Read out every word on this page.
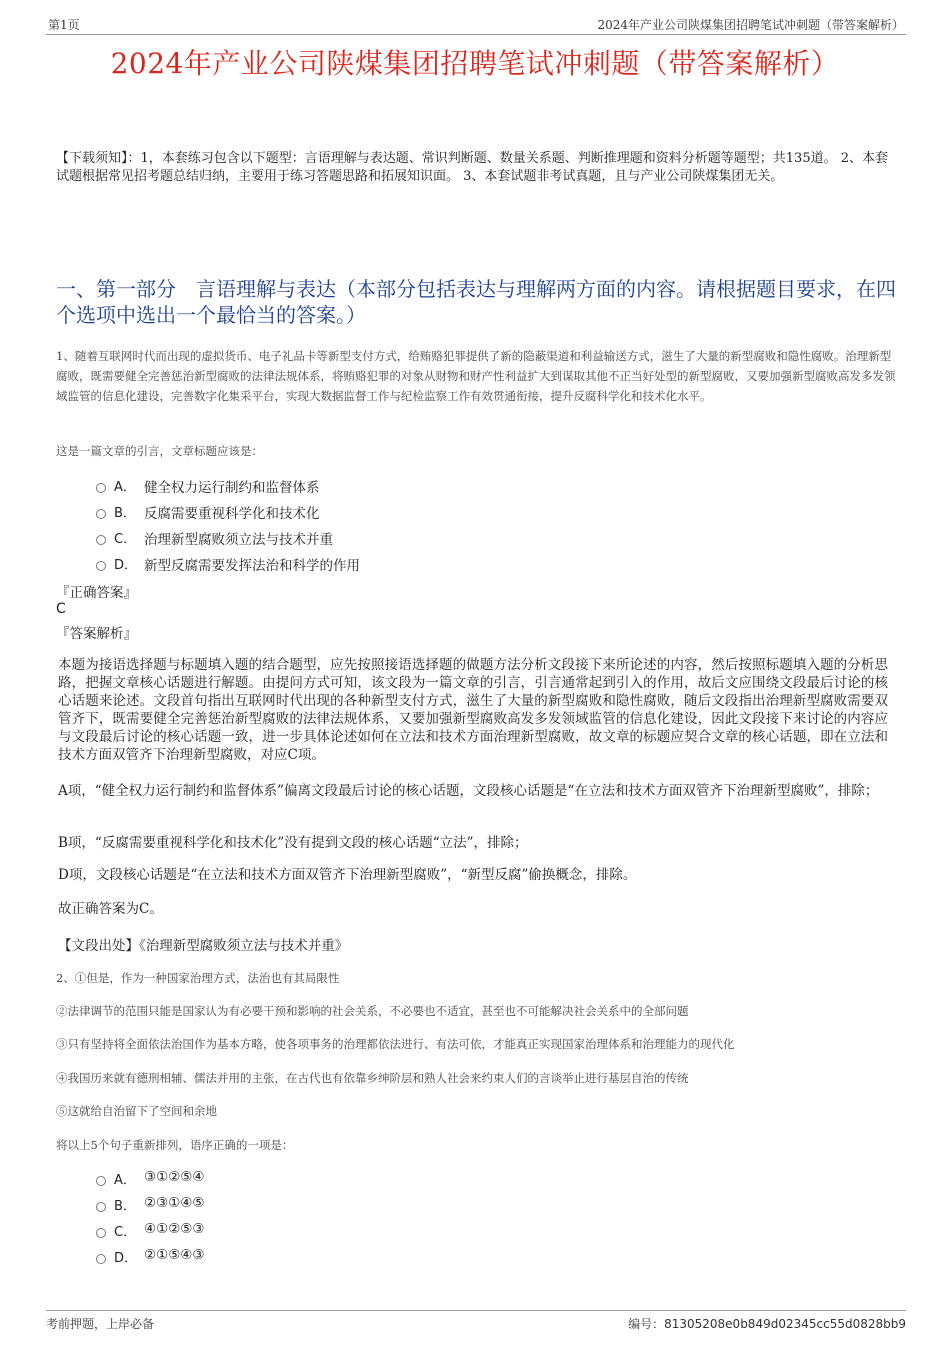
第1页	2024年产业公司陕煤集团招聘笔试冲刺题（带答案解析）
2024年产业公司陕煤集团招聘笔试冲刺题（带答案解析）
【下载须知】：1，本套练习包含以下题型：言语理解与表达题、常识判断题、数量关系题、判断推理题和资料分析题等题型；共135道。 2、本套试题根据常见招考题总结归纳，主要用于练习答题思路和拓展知识面。 3、本套试题非考试真题，且与产业公司陕煤集团无关。
一、第一部分　言语理解与表达（本部分包括表达与理解两方面的内容。请根据题目要求，在四个选项中选出一个最恰当的答案。）
1、随着互联网时代而出现的虚拟货币、电子礼品卡等新型支付方式，给贿赂犯罪提供了新的隐蔽渠道和利益输送方式，滋生了大量的新型腐败和隐性腐败。治理新型腐败，既需要健全完善惩治新型腐败的法律法规体系，将贿赂犯罪的对象从财物和财产性利益扩大到谋取其他不正当好处型的新型腐败，又要加强新型腐败高发多发领域监管的信息化建设，完善数字化集采平台，实现大数据监督工作与纪检监察工作有效贯通衔接，提升反腐科学化和技术化水平。
这是一篇文章的引言，文章标题应该是：
A． 健全权力运行制约和监督体系
B． 反腐需要重视科学化和技术化
C． 治理新型腐败须立法与技术并重
D． 新型反腐需要发挥法治和科学的作用
『正确答案』
C
『答案解析』

本题为接语选择题与标题填入题的结合题型，应先按照接语选择题的做题方法分析文段接下来所论述的内容，然后按照标题填入题的分析思路，把握文章核心话题进行解题。由提问方式可知，该文段为一篇文章的引言，引言通常起到引入的作用，故后文应围绕文段最后讨论的核心话题来论述。文段首句指出互联网时代出现的各种新型支付方式，滋生了大量的新型腐败和隐性腐败，随后文段指出治理新型腐败需要双管齐下，既需要健全完善惩治新型腐败的法律法规体系，又要加强新型腐败高发多发领域监管的信息化建设，因此文段接下来讨论的内容应与文段最后讨论的核心话题一致，进一步具体论述如何在立法和技术方面治理新型腐败，故文章的标题应契合文章的核心话题，即在立法和技术方面双管齐下治理新型腐败，对应C项。

A项，“健全权力运行制约和监督体系”偏离文段最后讨论的核心话题，文段核心话题是“在立法和技术方面双管齐下治理新型腐败”，排除；

B项，“反腐需要重视科学化和技术化”没有提到文段的核心话题“立法”，排除；

D项，文段核心话题是“在立法和技术方面双管齐下治理新型腐败”，“新型反腐”偷换概念，排除。

故正确答案为C。

【文段出处】《治理新型腐败须立法与技术并重》
2、①但是，作为一种国家治理方式，法治也有其局限性
②法律调节的范围只能是国家认为有必要干预和影响的社会关系，不必要也不适宜，甚至也不可能解决社会关系中的全部问题
③只有坚持将全面依法治国作为基本方略，使各项事务的治理都依法进行、有法可依，才能真正实现国家治理体系和治理能力的现代化
④我国历来就有德刑相辅、儒法并用的主张，在古代也有依靠乡绅阶层和熟人社会来约束人们的言谈举止进行基层自治的传统
⑤这就给自治留下了空间和余地
将以上5个句子重新排列，语序正确的一项是：
A． ③①②⑤④
B． ②③①④⑤
C． ④①②⑤③
D． ②①⑤④③
考前押题，上岸必备	编号：81305208e0b849d02345cc55d0828bb9
